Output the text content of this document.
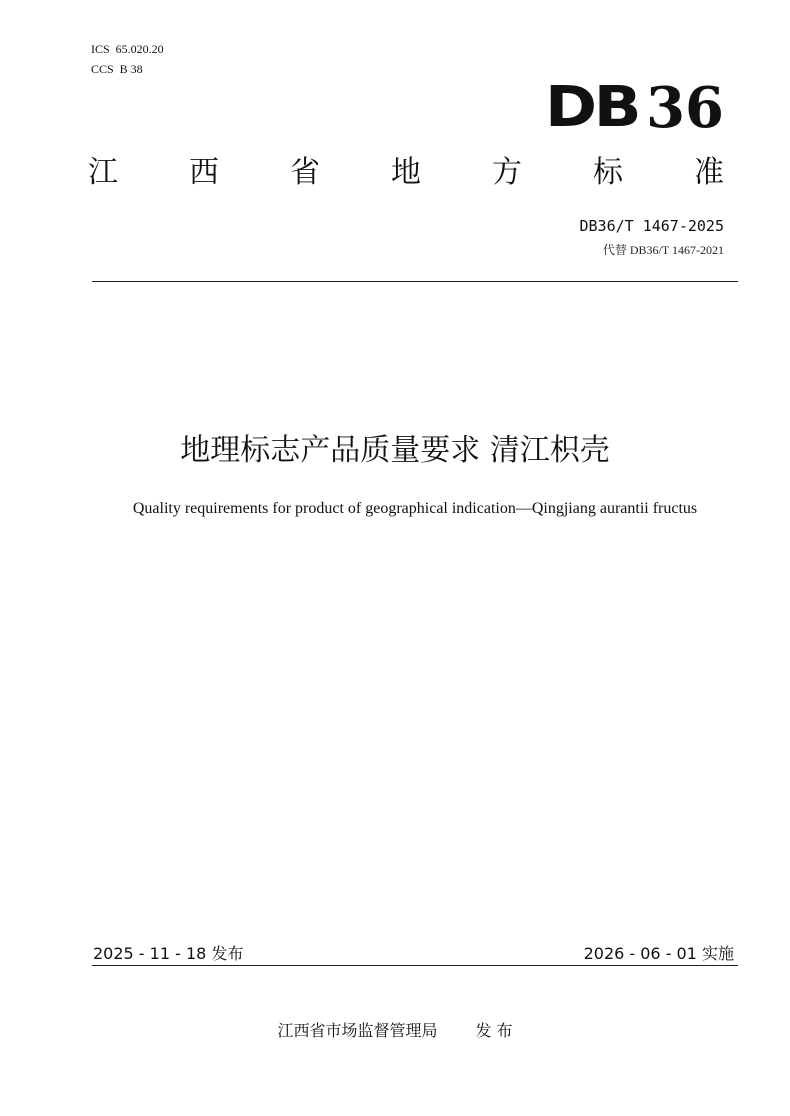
ICS  65.020.20
CCS  B 38
DB 36
江 西 省 地 方 标 准
DB36/T 1467-2025
代替 DB36/T 1467-2021
地理标志产品质量要求 清江枳壳
Quality requirements for product of geographical indication—Qingjiang aurantii fructus
2025 - 11 - 18 发布	2026 - 06 - 01 实施
江西省市场监督管理局 发 布
